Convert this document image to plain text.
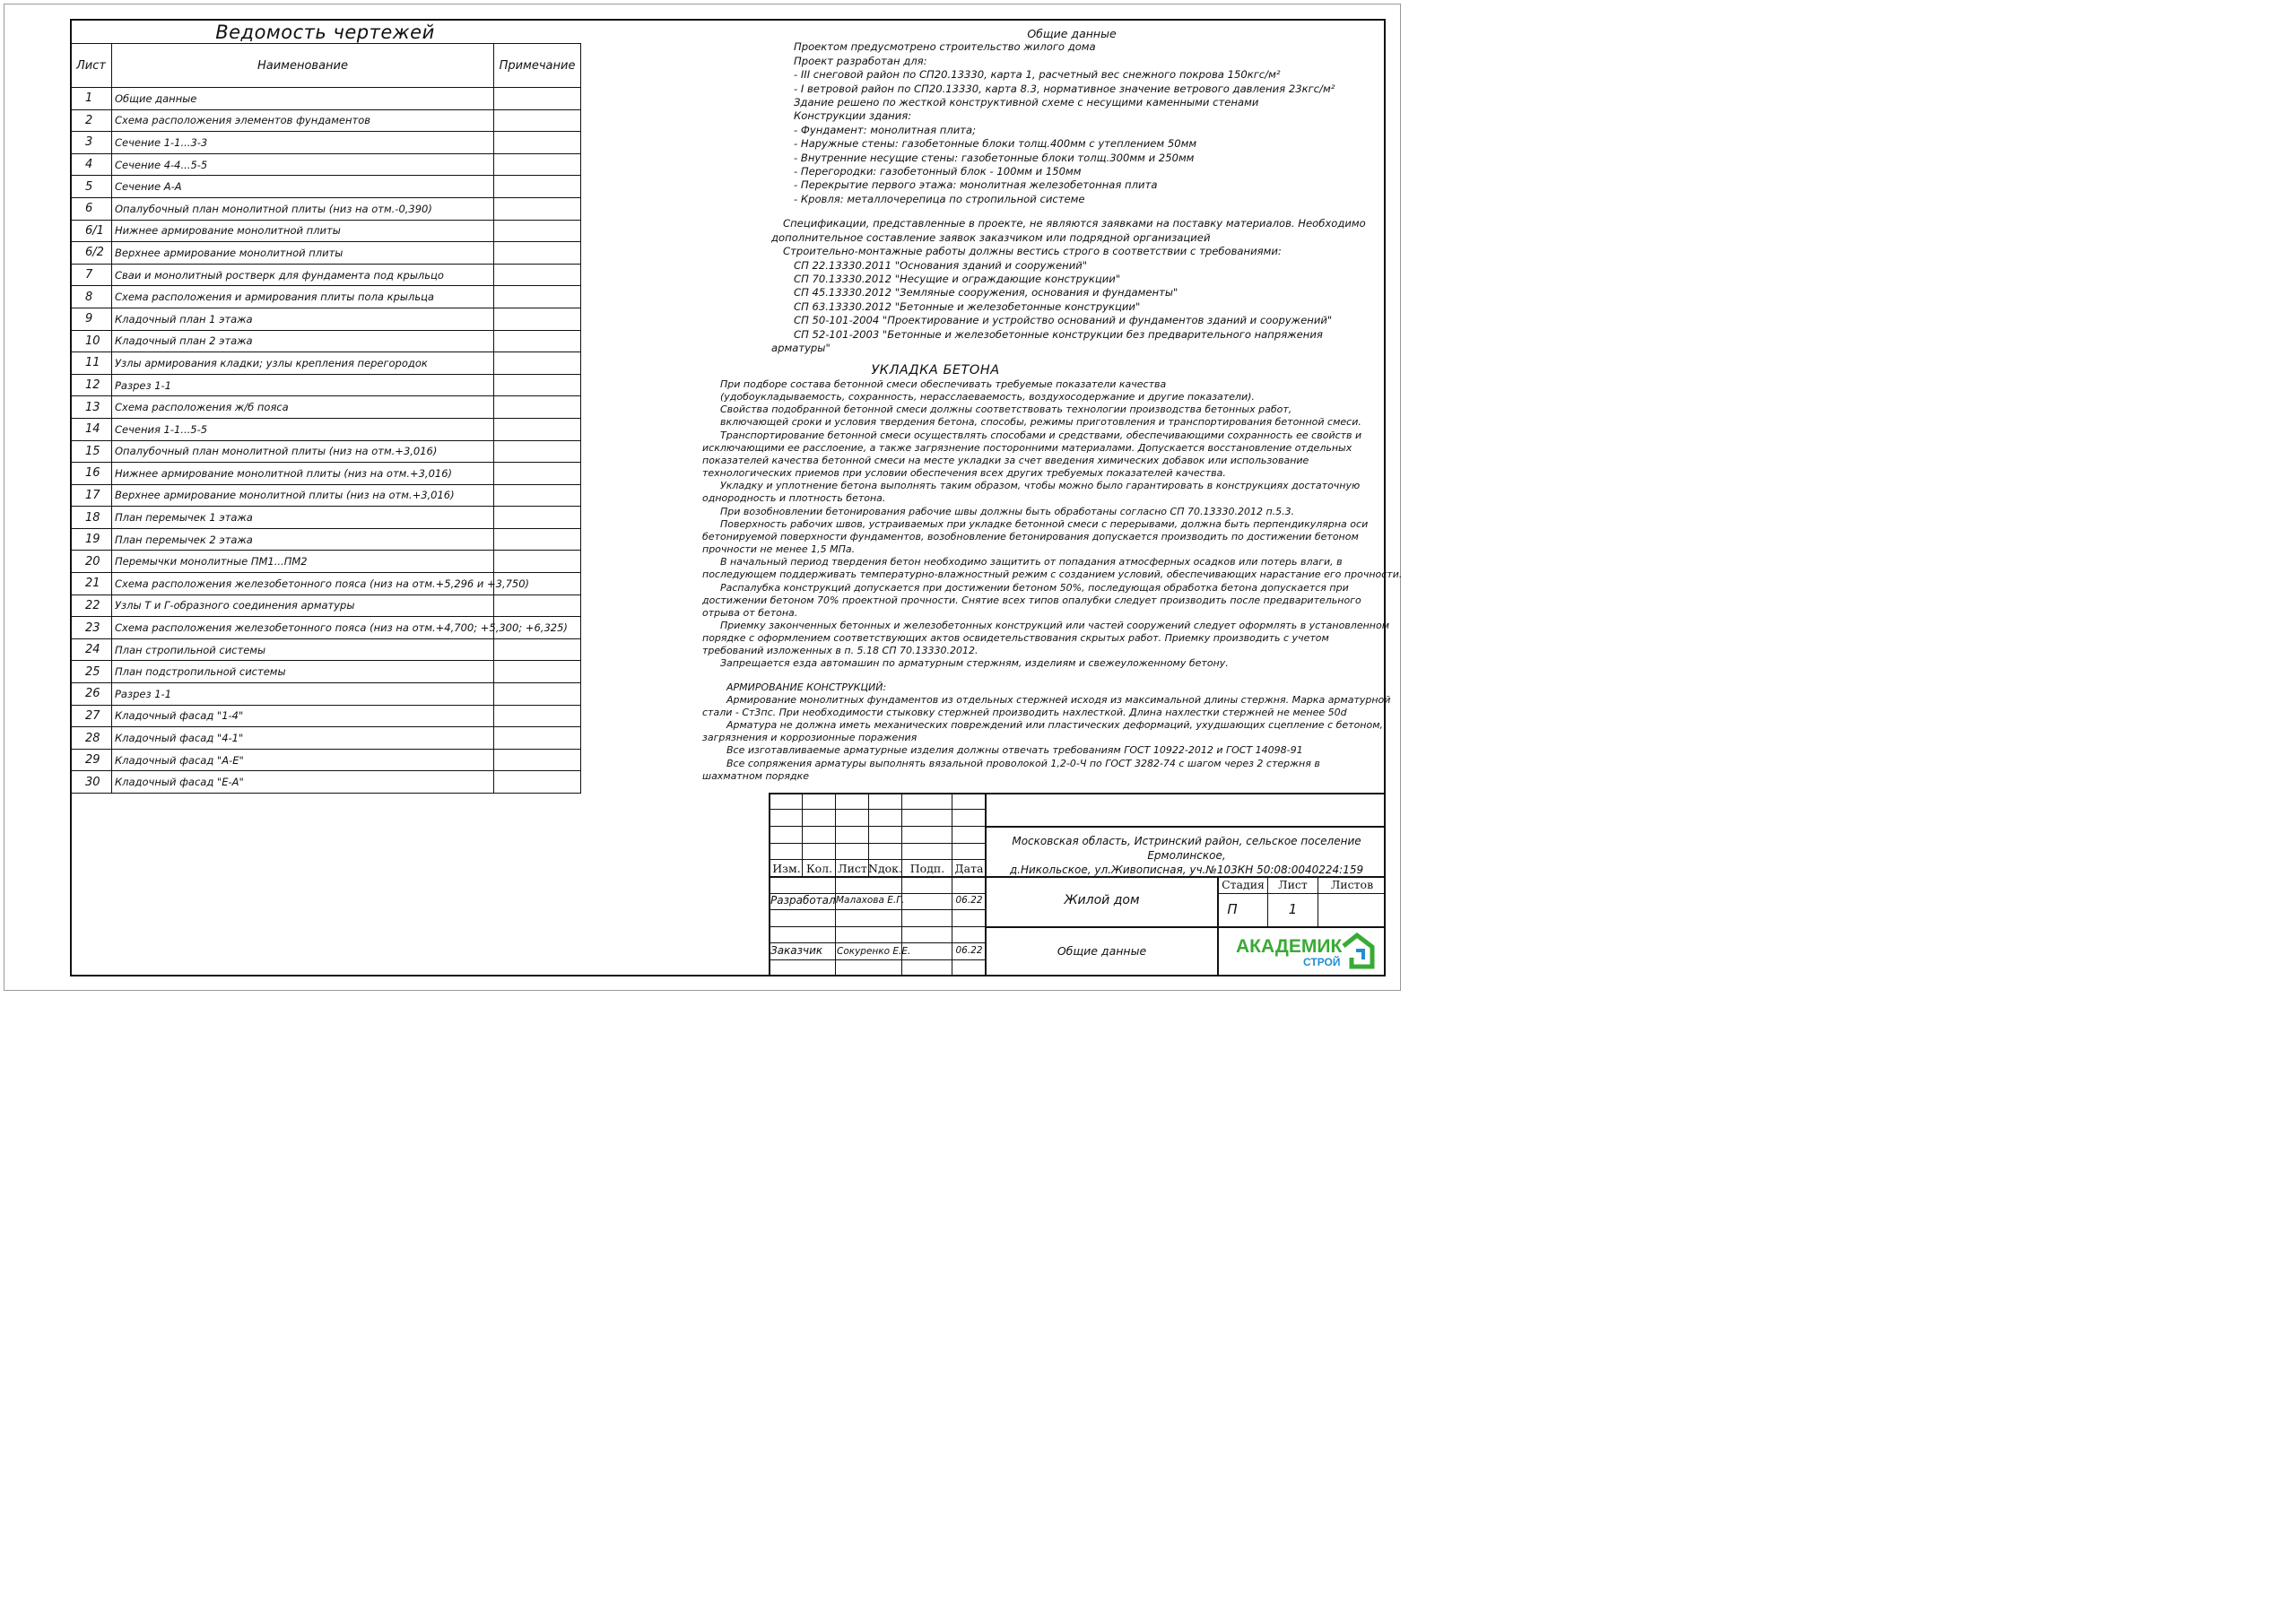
Ведомость чертежей
Лист	Наименование	Примечание
1	Общие данные	
2	Схема расположения элементов фундаментов	
3	Сечение 1-1...3-3	
4	Сечение 4-4...5-5	
5	Сечение А-А	
6	Опалубочный план монолитной плиты (низ на отм.-0,390)	
6/1	Нижнее армирование монолитной плиты	
6/2	Верхнее армирование монолитной плиты	
7	Сваи и монолитный ростверк для фундамента под крыльцо	
8	Схема расположения и армирования плиты пола крыльца	
9	Кладочный план 1 этажа	
10	Кладочный план 2 этажа	
11	Узлы армирования кладки; узлы крепления перегородок	
12	Разрез 1-1	
13	Схема расположения ж/б пояса	
14	Сечения 1-1...5-5	
15	Опалубочный план монолитной плиты (низ на отм.+3,016)	
16	Нижнее армирование монолитной плиты (низ на отм.+3,016)	
17	Верхнее армирование монолитной плиты (низ на отм.+3,016)	
18	План перемычек 1 этажа	
19	План перемычек 2 этажа	
20	Перемычки монолитные ПМ1...ПМ2	
21	Схема расположения железобетонного пояса (низ на отм.+5,296 и +3,750)	
22	Узлы Т и Г-образного соединения арматуры	
23	Схема расположения железобетонного пояса (низ на отм.+4,700; +5,300; +6,325)	
24	План стропильной системы	
25	План подстропильной системы	
26	Разрез 1-1	
27	Кладочный фасад "1-4"	
28	Кладочный фасад "4-1"	
29	Кладочный фасад "А-Е"	
30	Кладочный фасад "Е-А"	
Общие данные
Проектом предусмотрено строительство жилого дома
Проект разработан для:
- III снеговой район по СП20.13330, карта 1, расчетный вес снежного покрова 150кгс/м²
- I ветровой район по СП20.13330, карта 8.3, нормативное значение ветрового давления 23кгс/м²
Здание решено по жесткой конструктивной схеме с несущими каменными стенами
Конструкции здания:
- Фундамент: монолитная плита;
- Наружные стены: газобетонные блоки толщ.400мм с утеплением 50мм
- Внутренние несущие стены: газобетонные блоки толщ.300мм и 250мм
- Перегородки: газобетонный блок - 100мм и 150мм
- Перекрытие первого этажа: монолитная железобетонная плита
- Кровля: металлочерепица по стропильной системе
Спецификации, представленные в проекте, не являются заявками на поставку материалов. Необходимо
дополнительное составление заявок заказчиком или подрядной организацией
Строительно-монтажные работы должны вестись строго в соответствии с требованиями:
СП 22.13330.2011 "Основания зданий и сооружений"
СП 70.13330.2012 "Несущие и ограждающие конструкции"
СП 45.13330.2012 "Земляные сооружения, основания и фундаменты"
СП 63.13330.2012 "Бетонные и железобетонные конструкции"
СП 50-101-2004 "Проектирование и устройство оснований и фундаментов зданий и сооружений"
СП 52-101-2003 "Бетонные и железобетонные конструкции без предварительного напряжения
арматуры"
УКЛАДКА БЕТОНА
При подборе состава бетонной смеси обеспечивать требуемые показатели качества
(удобоукладываемость, сохранность, нерасслаеваемость, воздухосодержание и другие показатели).
Свойства подобранной бетонной смеси должны соответствовать технологии производства бетонных работ,
включающей сроки и условия твердения бетона, способы, режимы приготовления и транспортирования бетонной смеси.
Транспортирование бетонной смеси осуществлять способами и средствами, обеспечивающими сохранность ее свойств и
исключающими ее расслоение, а также загрязнение посторонними материалами. Допускается восстановление отдельных
показателей качества бетонной смеси на месте укладки за счет введения химических добавок или использование
технологических приемов при условии обеспечения всех других требуемых показателей качества.
Укладку и уплотнение бетона выполнять таким образом, чтобы можно было гарантировать в конструкциях достаточную
однородность и плотность бетона.
При возобновлении бетонирования рабочие швы должны быть обработаны согласно СП 70.13330.2012 п.5.3.
Поверхность рабочих швов, устраиваемых при укладке бетонной смеси с перерывами, должна быть перпендикулярна оси
бетонируемой поверхности фундаментов, возобновление бетонирования допускается производить по достижении бетоном
прочности не менее 1,5 МПа.
В начальный период твердения бетон необходимо защитить от попадания атмосферных осадков или потерь влаги, в
последующем поддерживать температурно-влажностный режим с созданием условий, обеспечивающих нарастание его прочности.
Распалубка конструкций допускается при достижении бетоном 50%, последующая обработка бетона допускается при
достижении бетоном 70% проектной прочности. Снятие всех типов опалубки следует производить после предварительного
отрыва от бетона.
Приемку законченных бетонных и железобетонных конструкций или частей сооружений следует оформлять в установленном
порядке с оформлением соответствующих актов освидетельствования скрытых работ. Приемку производить с учетом
требований изложенных в п. 5.18 СП 70.13330.2012.
Запрещается езда автомашин по арматурным стержням, изделиям и свежеуложенному бетону.
АРМИРОВАНИЕ КОНСТРУКЦИЙ:
Армирование монолитных фундаментов из отдельных стержней исходя из максимальной длины стержня. Марка арматурной
стали - Ст3пс. При необходимости стыковку стержней производить нахлесткой. Длина нахлестки стержней не менее 50d
Арматура не должна иметь механических повреждений или пластических деформаций, ухудшающих сцепление с бетоном,
загрязнения и коррозионные поражения
Все изготавливаемые арматурные изделия должны отвечать требованиям ГОСТ 10922-2012 и ГОСТ 14098-91
Все сопряжения арматуры выполнять вязальной проволокой 1,2-0-Ч по ГОСТ 3282-74 с шагом через 2 стержня в
шахматном порядке
Московская область, Истринский район, сельское поселение Ермолинское,
д.Никольское, ул.Живописная, уч.№103КН 50:08:0040224:159
Изм. Кол. Лист Nдок. Подп. Дата
Разработал Малахова Е.Г.	06.22
Заказчик Сокуренко Е.Е.	06.22
Жилой дом
Общие данные
Стадия	Лист	Листов
П	1
АКАДЕМИК
СТРОЙ
